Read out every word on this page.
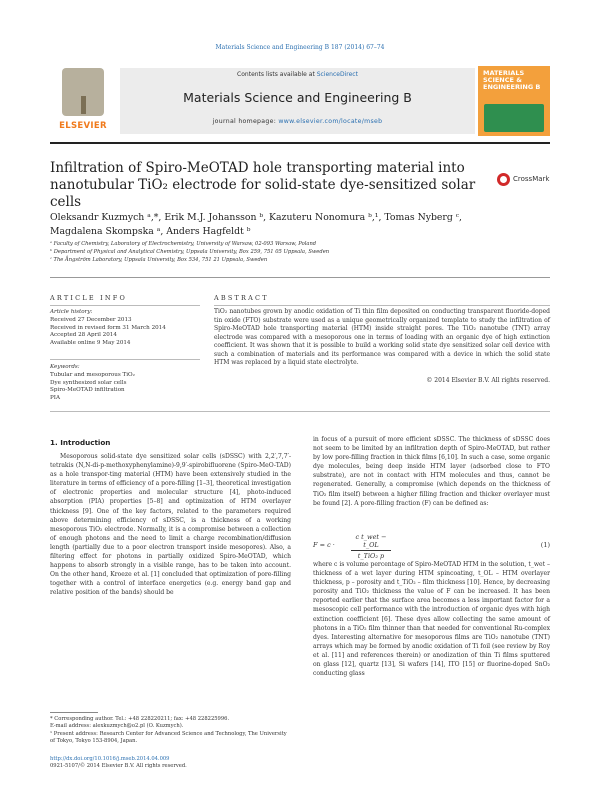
Materials Science and Engineering B 187 (2014) 67–74
ELSEVIER
Contents lists available at ScienceDirect
Materials Science and Engineering B
journal homepage: www.elsevier.com/locate/mseb
MATERIALS SCIENCE & ENGINEERING B
Infiltration of Spiro-MeOTAD hole transporting material into nanotubular TiO₂ electrode for solid-state dye-sensitized solar cells
CrossMark
Oleksandr Kuzmych ᵃ,*, Erik M.J. Johansson ᵇ, Kazuteru Nonomura ᵇ,¹, Tomas Nyberg ᶜ,
Magdalena Skompska ᵃ, Anders Hagfeldt ᵇ
ᵃ Faculty of Chemistry, Laboratory of Electrochemistry, University of Warsaw, 02-093 Warsaw, Poland
ᵇ Department of Physical and Analytical Chemistry, Uppsala University, Box 259, 751 05 Uppsala, Sweden
ᶜ The Ångström Laboratory, Uppsala University, Box 534, 751 21 Uppsala, Sweden
ARTICLE INFO	ABSTRACT
Article history:
Received 27 December 2013
Received in revised form 31 March 2014
Accepted 28 April 2014
Available online 9 May 2014
Keywords:
Tubular and mesoporous TiO₂
Dye synthesized solar cells
Spiro-MeOTAD infiltration
PIA
TiO₂ nanotubes grown by anodic oxidation of Ti thin film deposited on conducting transparent fluoride-doped tin oxide (FTO) substrate were used as a unique geometrically organized template to study the infiltration of Spiro-MeOTAD hole transporting material (HTM) inside straight pores. The TiO₂ nanotube (TNT) array electrode was compared with a mesoporous one in terms of loading with an organic dye of high extinction coefficient. It was shown that it is possible to build a working solid state dye sensitized solar cell device with such a combination of materials and its performance was compared with a device in which the solid state HTM was replaced by a liquid state electrolyte.
© 2014 Elsevier B.V. All rights reserved.
1. Introduction
Mesoporous solid-state dye sensitized solar cells (sDSSC) with 2,2′,7,7′-tetrakis (N,N-di-p-methoxyphenylamine)-9,9′-spirobifluorene (Spiro-MeO-TAD) as a hole transpor-ting material (HTM) have been extensively studied in the literature in terms of efficiency of a pore-filling [1–3], theoretical investigation of electronic properties and molecular structure [4], photo-induced absorption (PIA) properties [5–8] and optimization of HTM overlayer thickness [9]. One of the key factors, related to the parameters required above determining efficiency of sDSSC, is a thickness of a working mesoporous TiO₂ electrode. Normally, it is a compromise between a collection of enough photons and the need to limit a charge recombination/diffusion length (partially due to a poor electron transport inside mesopores). Also, a filtering effect for photons in partially oxidized Spiro-MeOTAD, which happens to absorb strongly in a visible range, has to be taken into account. On the other hand, Kroeze et al. [1] concluded that optimization of pore-filling together with a control of interface energetics (e.g. energy band gap and relative position of the bands) should be
in focus of a pursuit of more efficient sDSSC. The thickness of sDSSC does not seem to be limited by an infiltration depth of Spiro-MeOTAD, but rather by low pore-filling fraction in thick films [6,10]. In such a case, some organic dye molecules, being deep inside HTM layer (adsorbed close to FTO substrate), are not in contact with HTM molecules and thus, cannot be regenerated. Generally, a compromise (which depends on the thickness of TiO₂ film itself) between a higher filling fraction and thicker overlayer must be found [2]. A pore-filling fraction (F) can be defined as:
F = c ·
c t_wet − t_OL
t_TiO₂ p
(1)
where c is volume percentage of Spiro-MeOTAD HTM in the solution, t_wet – thickness of a wet layer during HTM spincoating, t_OL – HTM overlayer thickness, p – porosity and t_TiO₂ – film thickness [10]. Hence, by decreasing porosity and TiO₂ thickness the value of F can be increased. It has been reported earlier that the surface area becomes a less important factor for a mesoscopic cell performance with the introduction of organic dyes with high extinction coefficient [6]. These dyes allow collecting the same amount of photons in a TiO₂ film thinner than that needed for conventional Ru-complex dyes. Interesting alternative for mesoporous films are TiO₂ nanotube (TNT) arrays which may be formed by anodic oxidation of Ti foil (see review by Roy et al. [11] and references therein) or anodization of thin Ti films sputtered on glass [12], quartz [13], Si wafers [14], ITO [15] or fluorine-doped SnO₂ conducting glass
* Corresponding author. Tel.: +48 228220211; fax: +48 228225996.
E-mail address: alexkuzmych@o2.pl (O. Kuzmych).
¹ Present address: Research Center for Advanced Science and Technology, The University of Tokyo, Tokyo 153-8904, Japan.
http://dx.doi.org/10.1016/j.mseb.2014.04.009
0921-5107/© 2014 Elsevier B.V. All rights reserved.
